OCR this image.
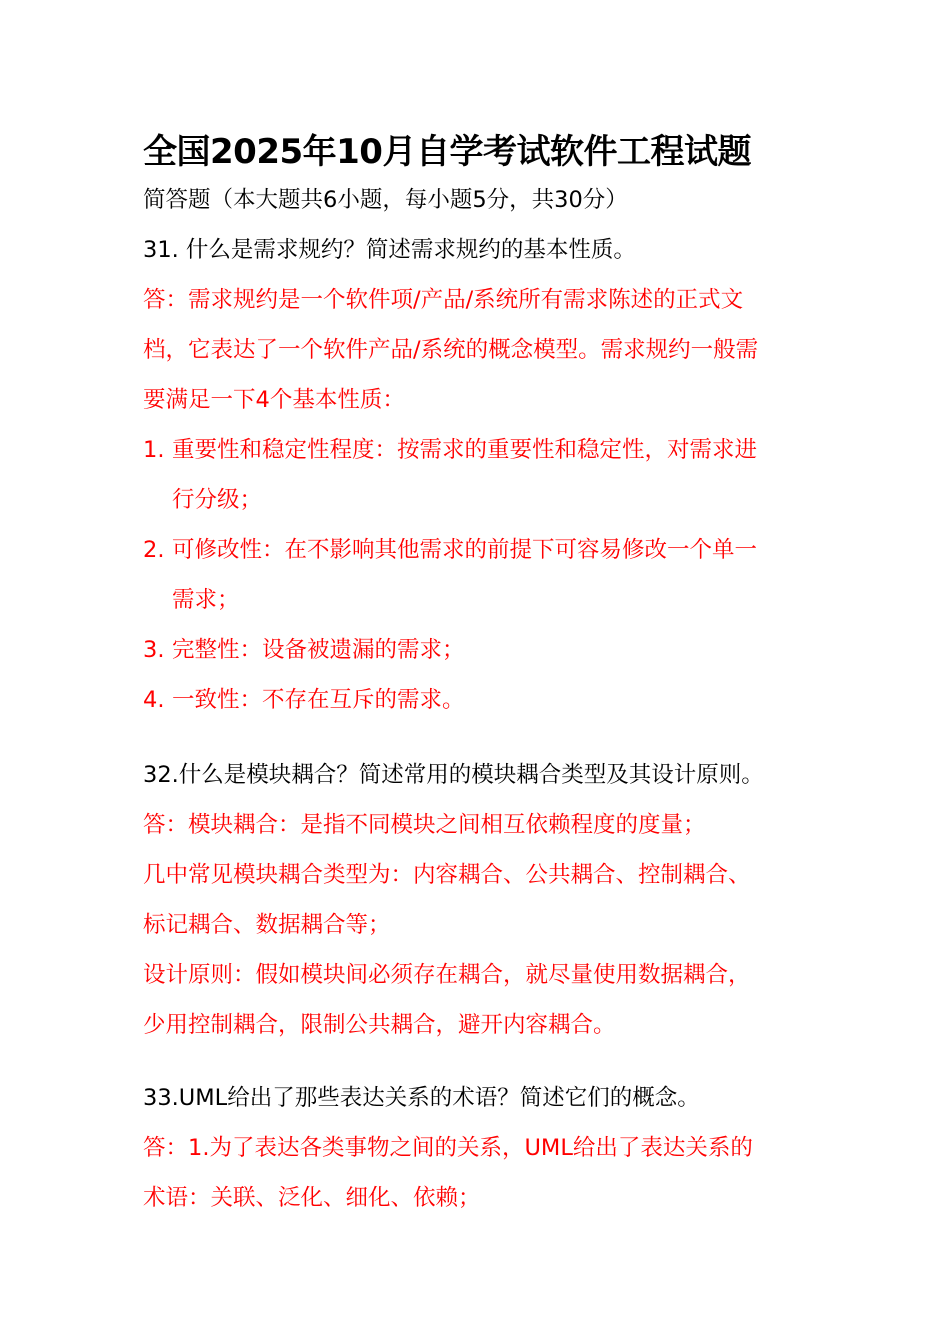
全国2025年10月自学考试软件工程试题
简答题（本大题共6小题，每小题5分，共30分）
31. 什么是需求规约？简述需求规约的基本性质。
答：需求规约是一个软件项/产品/系统所有需求陈述的正式文
档，它表达了一个软件产品/系统的概念模型。需求规约一般需
要满足一下4个基本性质：
1. 重要性和稳定性程度：按需求的重要性和稳定性，对需求进
行分级；
2. 可修改性：在不影响其他需求的前提下可容易修改一个单一
需求；
3. 完整性：设备被遗漏的需求；
4. 一致性：不存在互斥的需求。
32.什么是模块耦合？简述常用的模块耦合类型及其设计原则。
答：模块耦合：是指不同模块之间相互依赖程度的度量；
几中常见模块耦合类型为：内容耦合、公共耦合、控制耦合、
标记耦合、数据耦合等；
设计原则：假如模块间必须存在耦合，就尽量使用数据耦合，
少用控制耦合，限制公共耦合，避开内容耦合。
33.UML给出了那些表达关系的术语？简述它们的概念。
答：1.为了表达各类事物之间的关系，UML给出了表达关系的
术语：关联、泛化、细化、依赖；
